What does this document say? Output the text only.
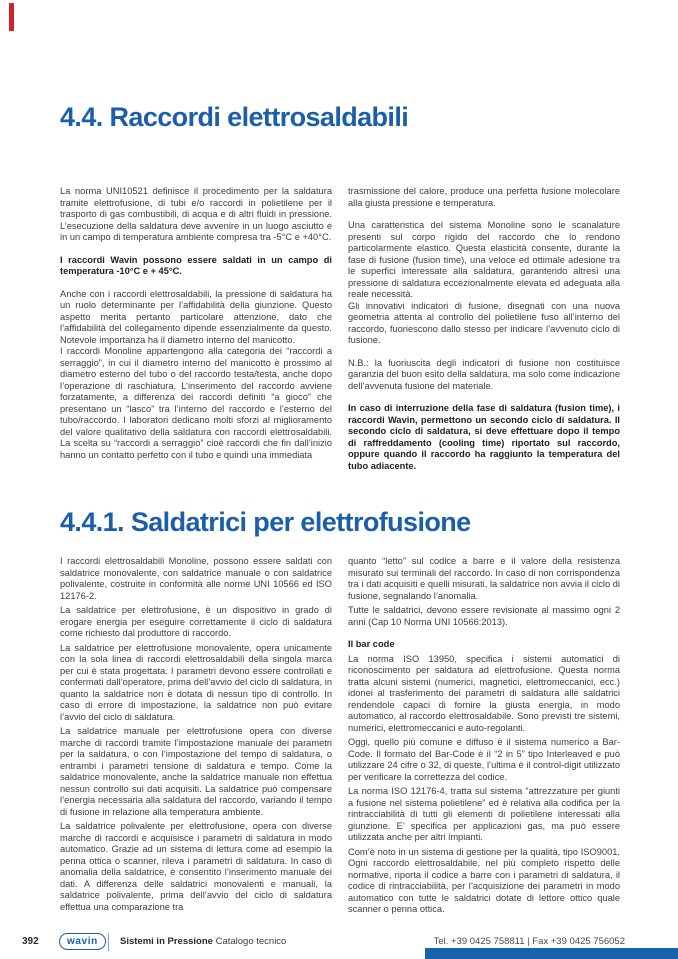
4.4. Raccordi elettrosaldabili

La norma UNI10521 definisce il procedimento per la saldatura tramite elettrofusione, di tubi e/o raccordi in polietilene per il trasporto di gas combustibili, di acqua e di altri fluidi in pressione. L’esecuzione della saldatura deve avvenire in un luogo asciutto e in un campo di temperatura ambiente compresa tra -5°C e +40°C.

I raccordi Wavin possono essere saldati in un campo di temperatura -10°C e + 45°C.

Anche con i raccordi elettrosaldabili, la pressione di saldatura ha un ruolo determinante per l’affidabilità della giunzione. Questo aspetto merita pertanto particolare attenzione, dato che l’affidabilità del collegamento dipende essenzialmente da questo. Notevole importanza ha il diametro interno del manicotto.

I raccordi Monoline appartengono alla categoria dei “raccordi a serraggio”, in cui il diametro interno del manicotto è prossimo al diametro esterno del tubo o del raccordo testa/testa, anche dopo l’operazione di raschiatura. L’inserimento del raccordo avviene forzatamente, a differenza dei raccordi definiti “a gioco” che presentano un “lasco” tra l’interno del raccordo e l’esterno del tubo/raccordo. I laboratori dedicano molti sforzi al miglioramento del valore qualitativo della saldatura con raccordi elettrosaldabili. La scelta su “raccordi a serraggio” cioè raccordi che fin dall’inizio hanno un contatto perfetto con il tubo e quindi una immediata

trasmissione del calore, produce una perfetta fusione molecolare alla giusta pressione e temperatura.

Una caratteristica del sistema Monoline sono le scanalature presenti sul corpo rigido del raccordo che lo rendono particolarmente elastico. Questa elasticità consente, durante la fase di fusione (fusion time), una veloce ed ottimale adesione tra le superfici interessate alla saldatura, garantendo altresì una pressione di saldatura eccezionalmente elevata ed adeguata alla reale necessità.

Gli innovativi indicatori di fusione, disegnati con una nuova geometria attenta al controllo del polietilene fuso all’interno del raccordo, fuoriescono dallo stesso per indicare l’avvenuto ciclo di fusione.

N.B.: la fuoriuscita degli indicatori di fusione non costituisce garanzia del buon esito della saldatura, ma solo come indicazione dell’avvenuta fusione del materiale.

In caso di interruzione della fase di saldatura (fusion time), i raccordi Wavin, permettono un secondo ciclo di saldatura. Il secondo ciclo di saldatura, si deve effettuare dopo il tempo di raffreddamento (cooling time) riportato sul raccordo, oppure quando il raccordo ha raggiunto la temperatura del tubo adiacente.

4.4.1. Saldatrici per elettrofusione

I raccordi elettrosaldabili Monoline, possono essere saldati con saldatrice monovalente, con saldatrice manuale o con saldatrice polivalente, costruite in conformità alle norme UNI 10566 ed ISO 12176-2.

La saldatrice per elettrofusione, è un dispositivo in grado di erogare energia per eseguire correttamente il ciclo di saldatura come richiesto dal produttore di raccordo.

La saldatrice per elettrofusione monovalente, opera unicamente con la sola linea di raccordi elettrosaldabili della singola marca per cui è stata progettata. I parametri devono essere controllati e confermati dall’operatore, prima dell’avvio del ciclo di saldatura, in quanto la saldatrice non è dotata di nessun tipo di controllo. In caso di errore di impostazione, la saldatrice non può evitare l’avvio del ciclo di saldatura.

La saldatrice manuale per elettrofusione opera con diverse marche di raccordi tramite l’impostazione manuale dei parametri per la saldatura, o con l’impostazione del tempo di saldatura, o entrambi i parametri tensione di saldatura e tempo. Come la saldatrice monovalente, anche la saldatrice manuale non effettua nessun controllo sui dati acquisiti. La saldatrice può compensare l’energia necessaria alla saldatura del raccordo, variando il tempo di fusione in relazione alla temperatura ambiente.

La saldatrice polivalente per elettrofusione, opera con diverse marche di raccordi e acquisisce i parametri di saldatura in modo automatico. Grazie ad un sistema di lettura come ad esempio la penna ottica o scanner, rileva i parametri di saldatura. In caso di anomalia della saldatrice, è consentito l’inserimento manuale dei dati. A differenza delle saldatrici monovalenti e manuali, la saldatrice polivalente, prima dell’avvio del ciclo di saldatura effettua una comparazione tra

quanto “letto” sul codice a barre e il valore della resistenza misurato sui terminali del raccordo. In caso di non corrispondenza tra i dati acquisiti e quelli misurati, la saldatrice non avvia il ciclo di fusione, segnalando l’anomalia.

Tutte le saldatrici, devono essere revisionate al massimo ogni 2 anni (Cap 10 Norma UNI 10566:2013).

Il bar code

La norma ISO 13950, specifica i sistemi automatici di riconoscimento per saldatura ad elettrofusione. Questa norma tratta alcuni sistemi (numerici, magnetici, elettromeccanici, ecc.) idonei al trasferimento dei parametri di saldatura alle saldatrici rendendole capaci di fornire la giusta energia, in modo automatico, al raccordo elettrosaldabile. Sono previsti tre sistemi, numerici, elettromeccanici e auto-regolanti.

Oggi, quello più comune e diffuso è il sistema numerico a Bar-Code. Il formato del Bar-Code è il “2 in 5” tipo Interleaved e può utilizzare 24 cifre o 32, di queste, l’ultima è il control-digit utilizzato per verificare la correttezza del codice.

La norma ISO 12176-4, tratta sul sistema “attrezzature per giunti a fusione nel sistema polietilene” ed è relativa alla codifica per la rintracciabilità di tutti gli elementi di polietilene interessati alla giunzione. E’ specifica per applicazioni gas, ma può essere utilizzata anche per altri impianti.

Com’è noto in un sistema di gestione per la qualità, tipo ISO9001, Ogni raccordo elettrosaldabile, nel più completo rispetto delle normative, riporta il codice a barre con i parametri di saldatura, il codice di rintracciabilità, per l’acquisizione dei parametri in modo automatico con tutte le saldatrici dotate di lettore ottico quale scanner o penna ottica.

392	wavin	Sistemi in Pressione Catalogo tecnico	Tel. +39 0425 758811 | Fax +39 0425 756052
